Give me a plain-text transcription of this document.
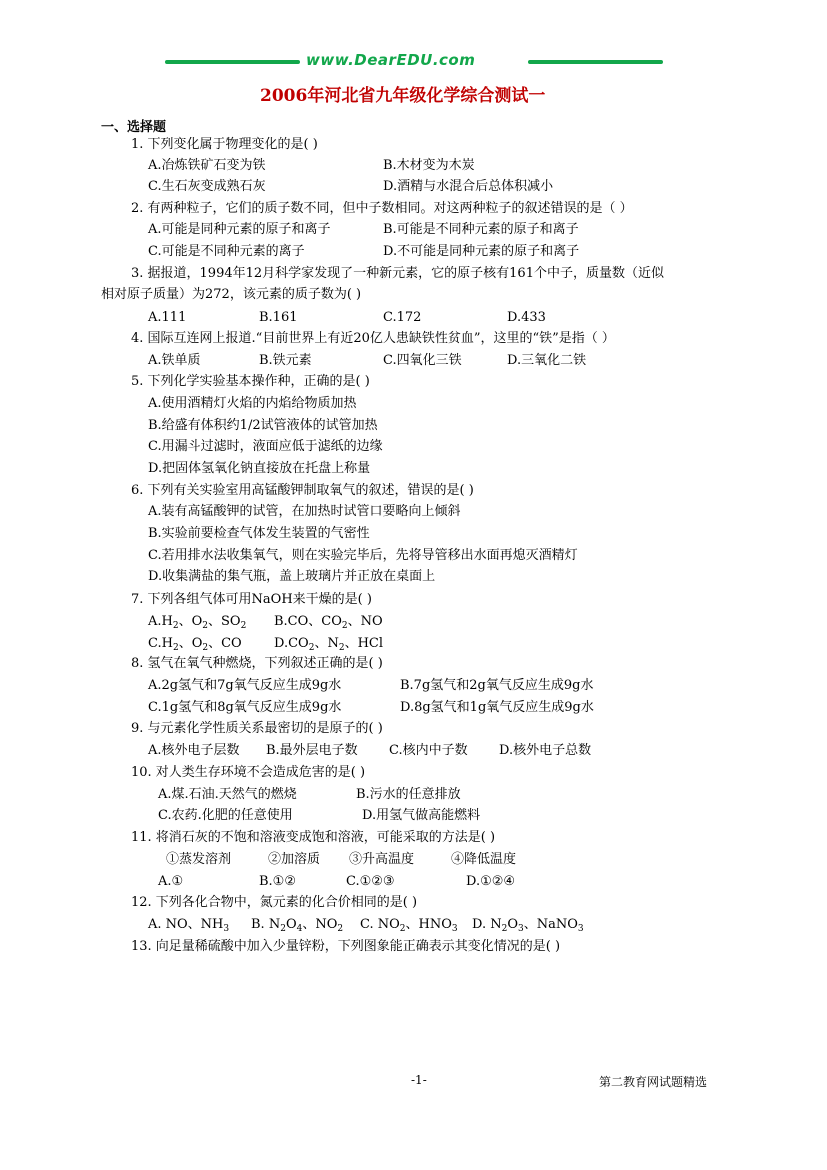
www.DearEDU.com
2006年河北省九年级化学综合测试一
一、选择题
1. 下列变化属于物理变化的是( )
A.冶炼铁矿石变为铁	B.木材变为木炭
C.生石灰变成熟石灰	D.酒精与水混合后总体积减小
2. 有两种粒子，它们的质子数不同，但中子数相同。对这两种粒子的叙述错误的是（ ）
A.可能是同种元素的原子和离子	B.可能是不同种元素的原子和离子
C.可能是不同种元素的离子	D.不可能是同种元素的原子和离子
3. 据报道，1994年12月科学家发现了一种新元素，它的原子核有161个中子，质量数（近似
相对原子质量）为272，该元素的质子数为( )
A.111	B.161	C.172	D.433
4. 国际互连网上报道.“目前世界上有近20亿人患缺铁性贫血”，这里的“铁”是指（ ）
A.铁单质	B.铁元素	C.四氧化三铁	D.三氧化二铁
5. 下列化学实验基本操作种，正确的是( )
A.使用酒精灯火焰的内焰给物质加热
B.给盛有体积约1/2试管液体的试管加热
C.用漏斗过滤时，液面应低于滤纸的边缘
D.把固体氢氧化钠直接放在托盘上称量
6. 下列有关实验室用高锰酸钾制取氧气的叙述，错误的是( )
A.装有高锰酸钾的试管，在加热时试管口要略向上倾斜
B.实验前要检查气体发生装置的气密性
C.若用排水法收集氧气，则在实验完毕后，先将导管移出水面再熄灭酒精灯
D.收集满盐的集气瓶，盖上玻璃片并正放在桌面上
7. 下列各组气体可用NaOH来干燥的是( )
$A.H_2$、$O_2$、$SO_2$ B.CO、$CO_2$、NO
$C.H_2$、$O_2$、CO $D.CO_2$、$N_2$、HCl
8. 氢气在氧气种燃烧，下列叙述正确的是( )
A.2g氢气和7g氧气反应生成9g水	B.7g氢气和2g氧气反应生成9g水
C.1g氢气和8g氧气反应生成9g水	D.8g氢气和1g氧气反应生成9g水
9. 与元素化学性质关系最密切的是原子的( )
A.核外电子层数 B.最外层电子数 C.核内中子数 D.核外电子总数
10. 对人类生存环境不会造成危害的是( )
A.煤.石油.天然气的燃烧	B.污水的任意排放
C.农药.化肥的任意使用	D.用氢气做高能燃料
11. 将消石灰的不饱和溶液变成饱和溶液，可能采取的方法是( )
①蒸发溶剂	②加溶质 ③升高温度	④降低温度
A.①	B.①②	C.①②③	D.①②④
12. 下列各化合物中，氮元素的化合价相同的是( )
A. NO、$NH_3$ B. $N_2O_4$、$NO_2$ C. $NO_2$、$HNO_3$ D. $N_2O_3$、NaNO$_3$
13. 向足量稀硫酸中加入少量锌粉，下列图象能正确表示其变化情况的是( )
-1-	第二教育网试题精选
